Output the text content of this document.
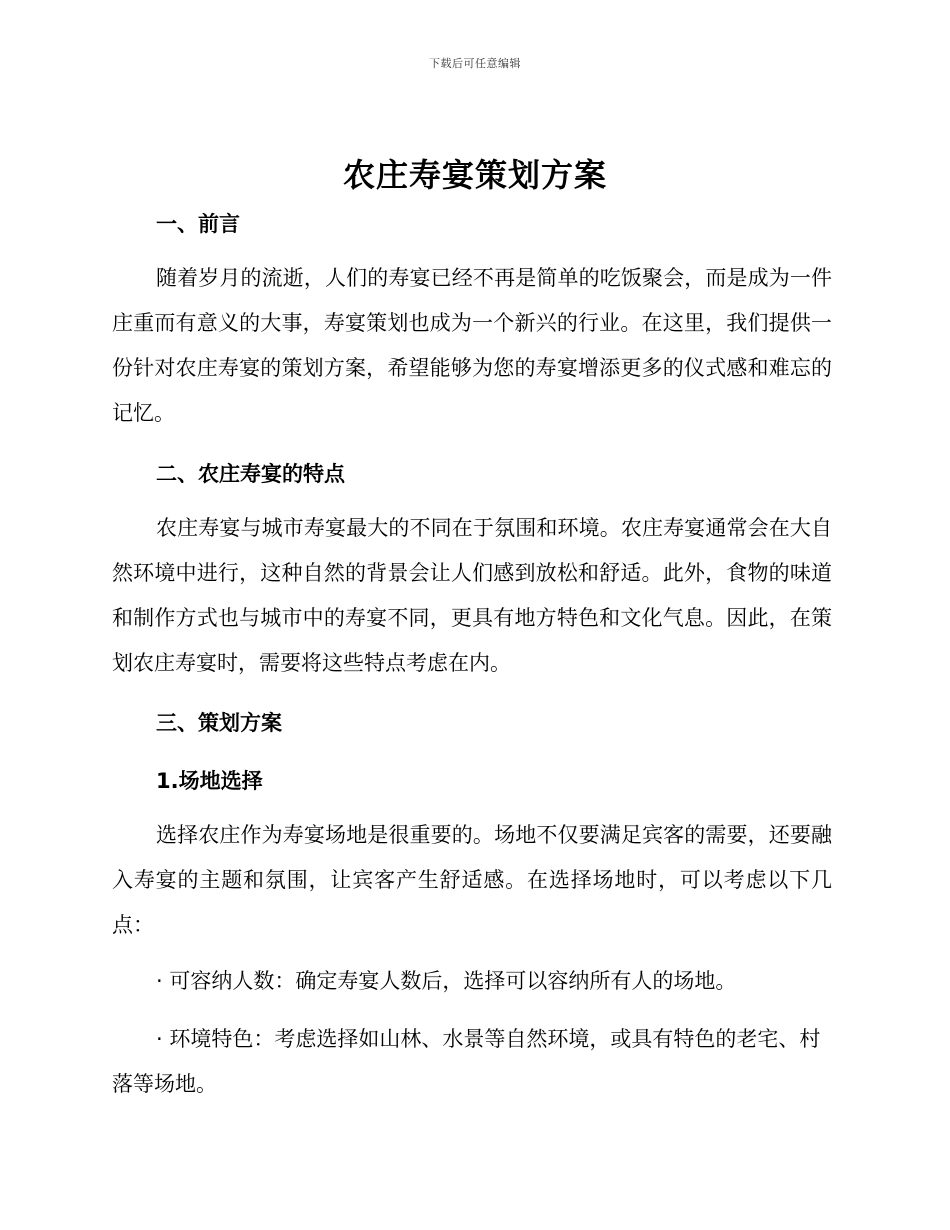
下载后可任意编辑
农庄寿宴策划方案
一、前言

随着岁月的流逝，人们的寿宴已经不再是简单的吃饭聚会，而是成为一件庄重而有意义的大事，寿宴策划也成为一个新兴的行业。在这里，我们提供一份针对农庄寿宴的策划方案，希望能够为您的寿宴增添更多的仪式感和难忘的记忆。

二、农庄寿宴的特点

农庄寿宴与城市寿宴最大的不同在于氛围和环境。农庄寿宴通常会在大自然环境中进行，这种自然的背景会让人们感到放松和舒适。此外，食物的味道和制作方式也与城市中的寿宴不同，更具有地方特色和文化气息。因此，在策划农庄寿宴时，需要将这些特点考虑在内。

三、策划方案
1.场地选择

选择农庄作为寿宴场地是很重要的。场地不仅要满足宾客的需要，还要融入寿宴的主题和氛围，让宾客产生舒适感。在选择场地时，可以考虑以下几点：

· 可容纳人数：确定寿宴人数后，选择可以容纳所有人的场地。

· 环境特色：考虑选择如山林、水景等自然环境，或具有特色的老宅、村落等场地。
